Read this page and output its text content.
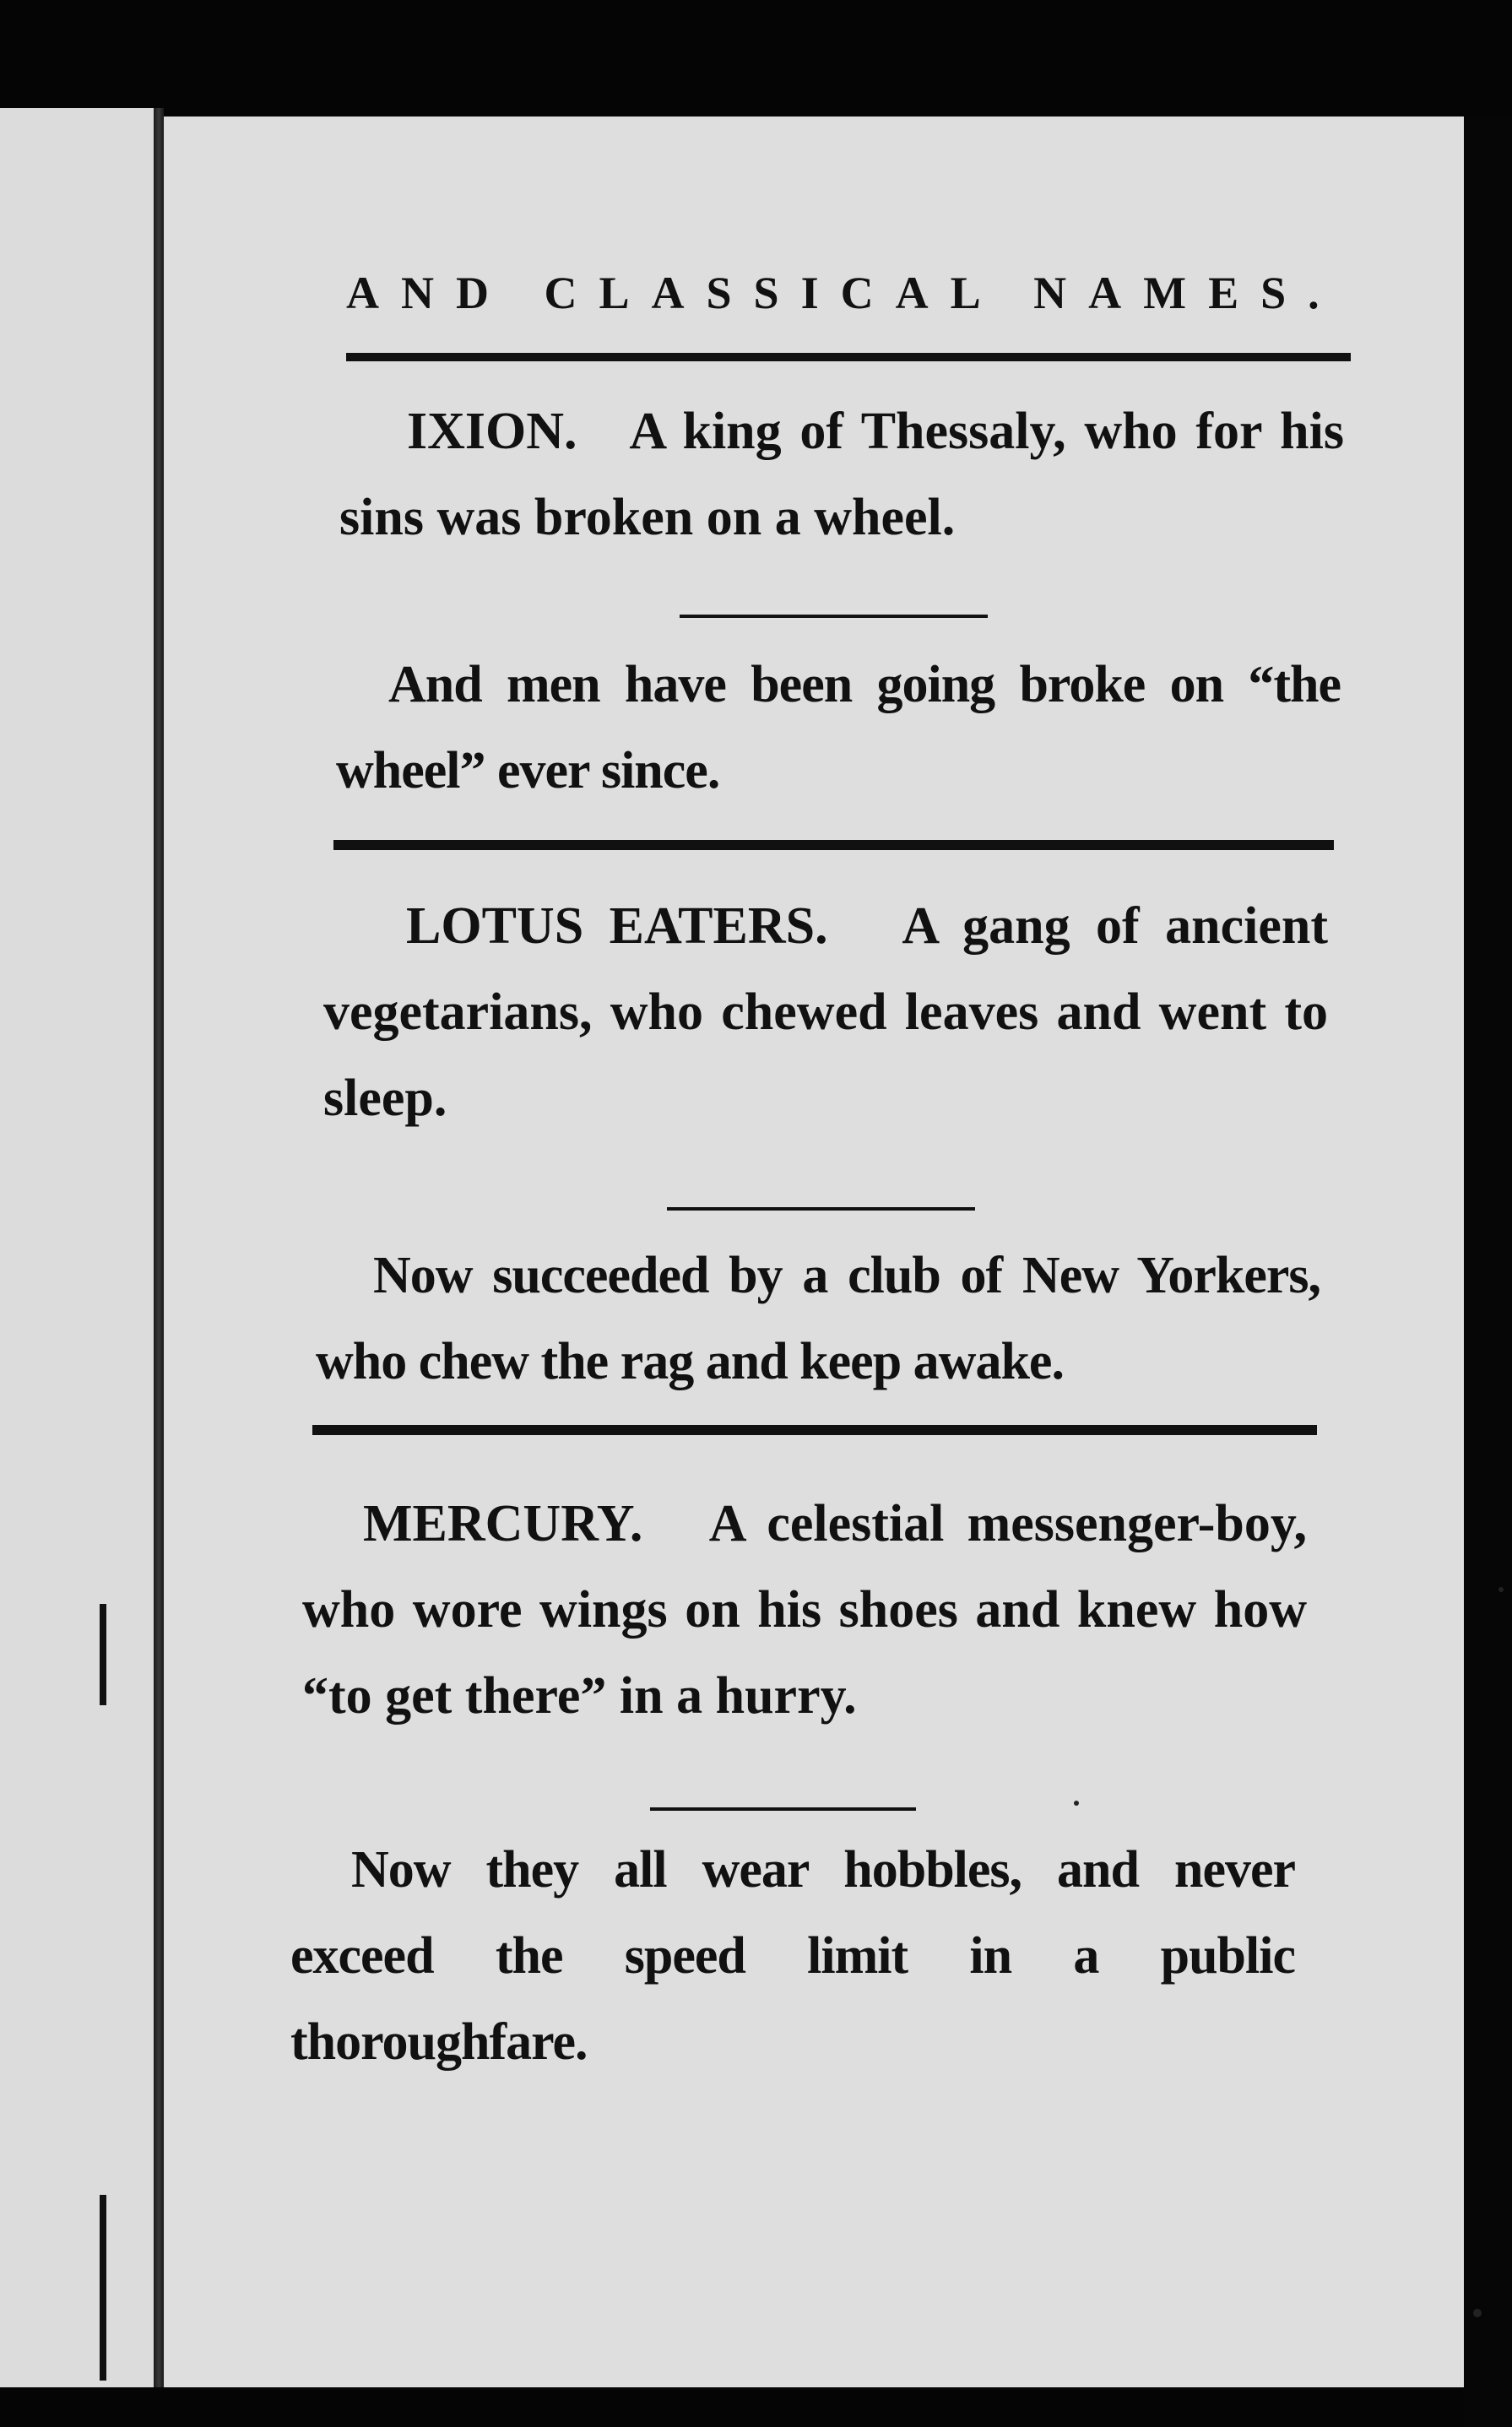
AND CLASSICAL NAMES.
IXION. A king of Thessaly, who for his sins was broken on a wheel.
And men have been going broke on “the wheel” ever since.
LOTUS EATERS. A gang of ancient vegetarians, who chewed leaves and went to sleep.
Now succeeded by a club of New Yorkers, who chew the rag and keep awake.
MERCURY. A celestial messenger-boy, who wore wings on his shoes and knew how “to get there” in a hurry.
Now they all wear hobbles, and never exceed the speed limit in a public thoroughfare.
